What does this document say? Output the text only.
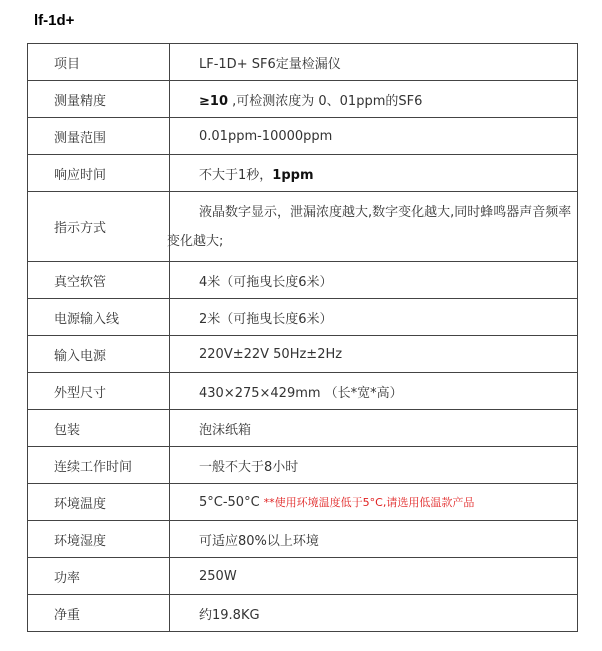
lf-1d+
项目	LF-1D+ SF6定量检漏仪
测量精度	≥10 ,可检测浓度为 0、01ppm的SF6
测量范围	0.01ppm-10000ppm
响应时间	不大于1秒，1ppm
指示方式	液晶数字显示，泄漏浓度越大,数字变化越大,同时蜂鸣器声音频率
变化越大;

真空软管	4米（可拖曳长度6米）
电源输入线	2米（可拖曳长度6米）
输入电源	220V±22V 50Hz±2Hz
外型尺寸	430×275×429mm （长*宽*高）
包装	泡沫纸箱
连续工作时间	一般不大于8小时
环境温度	5°C-50°C **使用环境温度低于5°C,请选用低温款产品
环境湿度	可适应80%以上环境
功率	250W
净重	约19.8KG
